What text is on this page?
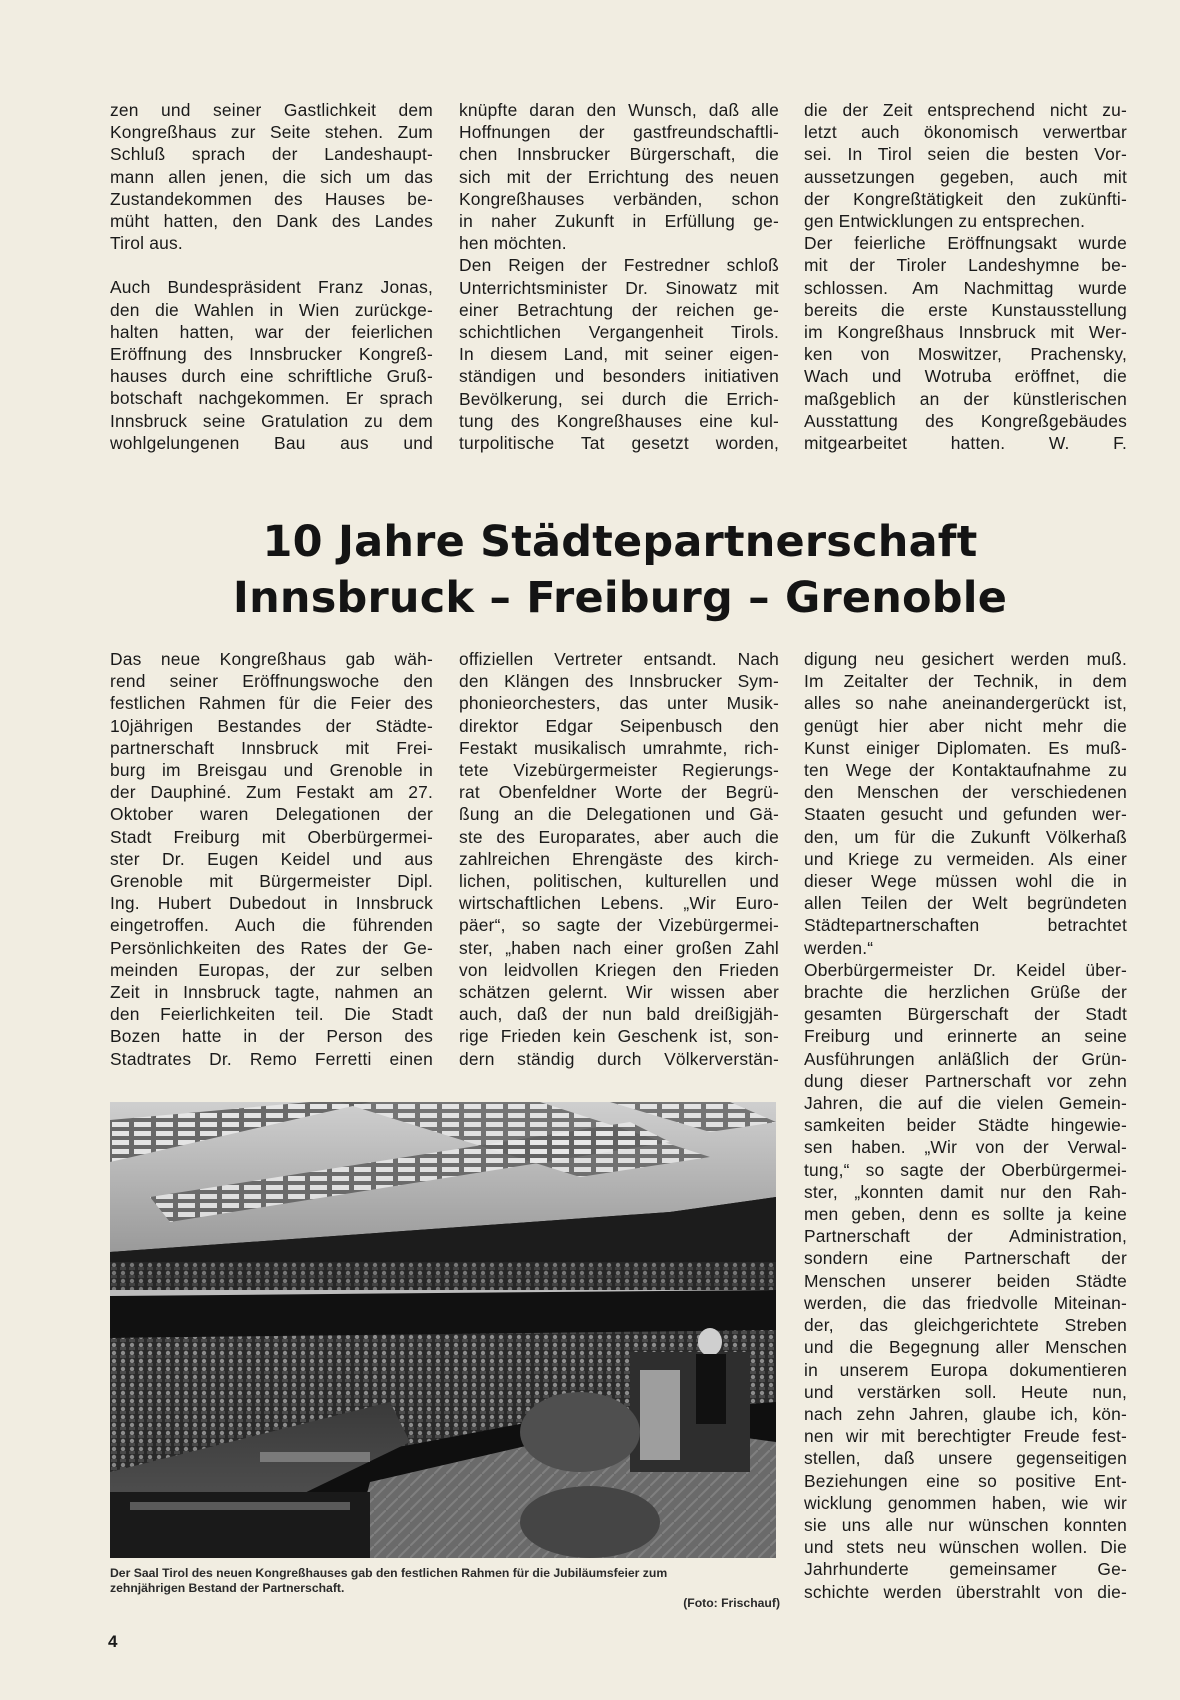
zen und seiner Gastlichkeit dem
Kongreßhaus zur Seite stehen. Zum
Schluß sprach der Landeshaupt-
mann allen jenen, die sich um das
Zustandekommen des Hauses be-
müht hatten, den Dank des Landes
Tirol aus.
Auch Bundespräsident Franz Jonas,
den die Wahlen in Wien zurückge-
halten hatten, war der feierlichen
Eröffnung des Innsbrucker Kongreß-
hauses durch eine schriftliche Gruß-
botschaft nachgekommen. Er sprach
Innsbruck seine Gratulation zu dem
wohlgelungenen Bau aus und
knüpfte daran den Wunsch, daß alle
Hoffnungen der gastfreundschaftli-
chen Innsbrucker Bürgerschaft, die
sich mit der Errichtung des neuen
Kongreßhauses verbänden, schon
in naher Zukunft in Erfüllung ge-
hen möchten.
Den Reigen der Festredner schloß
Unterrichtsminister Dr. Sinowatz mit
einer Betrachtung der reichen ge-
schichtlichen Vergangenheit Tirols.
In diesem Land, mit seiner eigen-
ständigen und besonders initiativen
Bevölkerung, sei durch die Errich-
tung des Kongreßhauses eine kul-
turpolitische Tat gesetzt worden,
die der Zeit entsprechend nicht zu-
letzt auch ökonomisch verwertbar
sei. In Tirol seien die besten Vor-
aussetzungen gegeben, auch mit
der Kongreßtätigkeit den zukünfti-
gen Entwicklungen zu entsprechen.
Der feierliche Eröffnungsakt wurde
mit der Tiroler Landeshymne be-
schlossen. Am Nachmittag wurde
bereits die erste Kunstausstellung
im Kongreßhaus Innsbruck mit Wer-
ken von Moswitzer, Prachensky,
Wach und Wotruba eröffnet, die
maßgeblich an der künstlerischen
Ausstattung des Kongreßgebäudes
mitgearbeitet hatten. W. F.
10 Jahre Städtepartnerschaft
Innsbruck – Freiburg – Grenoble
Das neue Kongreßhaus gab wäh-
rend seiner Eröffnungswoche den
festlichen Rahmen für die Feier des
10jährigen Bestandes der Städte-
partnerschaft Innsbruck mit Frei-
burg im Breisgau und Grenoble in
der Dauphiné. Zum Festakt am 27.
Oktober waren Delegationen der
Stadt Freiburg mit Oberbürgermei-
ster Dr. Eugen Keidel und aus
Grenoble mit Bürgermeister Dipl.
Ing. Hubert Dubedout in Innsbruck
eingetroffen. Auch die führenden
Persönlichkeiten des Rates der Ge-
meinden Europas, der zur selben
Zeit in Innsbruck tagte, nahmen an
den Feierlichkeiten teil. Die Stadt
Bozen hatte in der Person des
Stadtrates Dr. Remo Ferretti einen
offiziellen Vertreter entsandt. Nach
den Klängen des Innsbrucker Sym-
phonieorchesters, das unter Musik-
direktor Edgar Seipenbusch den
Festakt musikalisch umrahmte, rich-
tete Vizebürgermeister Regierungs-
rat Obenfeldner Worte der Begrü-
ßung an die Delegationen und Gä-
ste des Europarates, aber auch die
zahlreichen Ehrengäste des kirch-
lichen, politischen, kulturellen und
wirtschaftlichen Lebens. „Wir Euro-
päer“, so sagte der Vizebürgermei-
ster, „haben nach einer großen Zahl
von leidvollen Kriegen den Frieden
schätzen gelernt. Wir wissen aber
auch, daß der nun bald dreißigjäh-
rige Frieden kein Geschenk ist, son-
dern ständig durch Völkerverstän-
digung neu gesichert werden muß.
Im Zeitalter der Technik, in dem
alles so nahe aneinandergerückt ist,
genügt hier aber nicht mehr die
Kunst einiger Diplomaten. Es muß-
ten Wege der Kontaktaufnahme zu
den Menschen der verschiedenen
Staaten gesucht und gefunden wer-
den, um für die Zukunft Völkerhaß
und Kriege zu vermeiden. Als einer
dieser Wege müssen wohl die in
allen Teilen der Welt begründeten
Städtepartnerschaften betrachtet
werden.“
Oberbürgermeister Dr. Keidel über-
brachte die herzlichen Grüße der
gesamten Bürgerschaft der Stadt
Freiburg und erinnerte an seine
Ausführungen anläßlich der Grün-
dung dieser Partnerschaft vor zehn
Jahren, die auf die vielen Gemein-
samkeiten beider Städte hingewie-
sen haben. „Wir von der Verwal-
tung,“ so sagte der Oberbürgermei-
ster, „konnten damit nur den Rah-
men geben, denn es sollte ja keine
Partnerschaft der Administration,
sondern eine Partnerschaft der
Menschen unserer beiden Städte
werden, die das friedvolle Miteinan-
der, das gleichgerichtete Streben
und die Begegnung aller Menschen
in unserem Europa dokumentieren
und verstärken soll. Heute nun,
nach zehn Jahren, glaube ich, kön-
nen wir mit berechtigter Freude fest-
stellen, daß unsere gegenseitigen
Beziehungen eine so positive Ent-
wicklung genommen haben, wie wir
sie uns alle nur wünschen konnten
und stets neu wünschen wollen. Die
Jahrhunderte gemeinsamer Ge-
schichte werden überstrahlt von die-
Der Saal Tirol des neuen Kongreßhauses gab den festlichen Rahmen für die Jubiläumsfeier zum
zehnjährigen Bestand der Partnerschaft.
(Foto: Frischauf)
4
